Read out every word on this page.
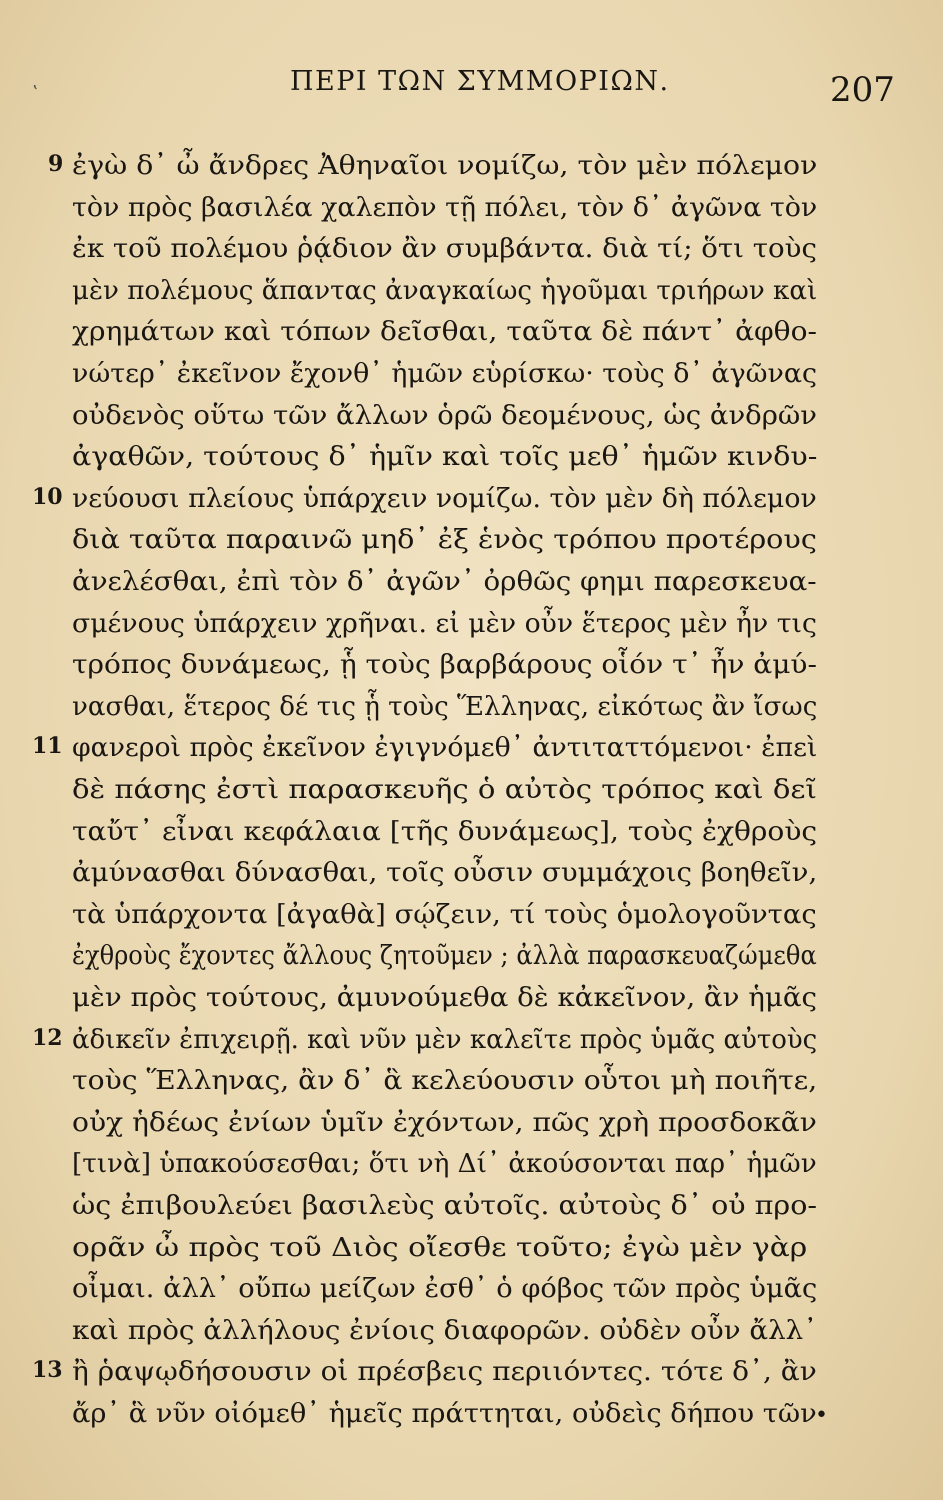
ʽ	ΠΕΡΙ ΤΩΝ ΣΥΜΜΟΡΙΩΝ.	207
9 ἐγὼ δ᾽ ὦ ἄνδρες Ἀθηναῖοι νομίζω, τὸν μὲν πόλεμον
τὸν πρὸς βασιλέα χαλεπὸν τῇ πόλει, τὸν δ᾽ ἀγῶνα τὸν
ἐκ τοῦ πολέμου ῥᾴδιον ἂν συμβάντα. διὰ τί; ὅτι τοὺς
μὲν πολέμους ἅπαντας ἀναγκαίως ἡγοῦμαι τριήρων καὶ
χρημάτων καὶ τόπων δεῖσθαι, ταῦτα δὲ πάντ᾽ ἀφθο-
νώτερ᾽ ἐκεῖνον ἔχονθ᾽ ἡμῶν εὑρίσκω· τοὺς δ᾽ ἀγῶνας
οὐδενὸς οὕτω τῶν ἄλλων ὁρῶ δεομένους, ὡς ἀνδρῶν
ἀγαθῶν, τούτους δ᾽ ἡμῖν καὶ τοῖς μεθ᾽ ἡμῶν κινδυ-
10 νεύουσι πλείους ὑπάρχειν νομίζω. τὸν μὲν δὴ πόλεμον
διὰ ταῦτα παραινῶ μηδ᾽ ἐξ ἑνὸς τρόπου προτέρους
ἀνελέσθαι, ἐπὶ τὸν δ᾽ ἀγῶν᾽ ὀρθῶς φημι παρεσκευα-
σμένους ὑπάρχειν χρῆναι. εἰ μὲν οὖν ἕτερος μὲν ἦν τις
τρόπος δυνάμεως, ᾗ τοὺς βαρβάρους οἷόν τ᾽ ἦν ἀμύ-
νασθαι, ἕτερος δέ τις ᾗ τοὺς Ἕλληνας, εἰκότως ἂν ἴσως
11 φανεροὶ πρὸς ἐκεῖνον ἐγιγνόμεθ᾽ ἀντιταττόμενοι· ἐπεὶ
δὲ πάσης ἐστὶ παρασκευῆς ὁ αὐτὸς τρόπος καὶ δεῖ
ταὔτ᾽ εἶναι κεφάλαια [τῆς δυνάμεως], τοὺς ἐχθροὺς
ἀμύνασθαι δύνασθαι, τοῖς οὖσιν συμμάχοις βοηθεῖν,
τὰ ὑπάρχοντα [ἀγαθὰ] σῴζειν, τί τοὺς ὁμολογοῦντας
ἐχθροὺς ἔχοντες ἄλλους ζητοῦμεν ; ἀλλὰ παρασκευαζώμεθα
μὲν πρὸς τούτους, ἀμυνούμεθα δὲ κἀκεῖνον, ἂν ἡμᾶς
12 ἀδικεῖν ἐπιχειρῇ. καὶ νῦν μὲν καλεῖτε πρὸς ὑμᾶς αὐτοὺς
τοὺς Ἕλληνας, ἂν δ᾽ ἃ κελεύουσιν οὗτοι μὴ ποιῆτε,
οὐχ ἡδέως ἐνίων ὑμῖν ἐχόντων, πῶς χρὴ προσδοκᾶν
[τινὰ] ὑπακούσεσθαι; ὅτι νὴ Δί᾽ ἀκούσονται παρ᾽ ἡμῶν
ὡς ἐπιβουλεύει βασιλεὺς αὐτοῖς. αὐτοὺς δ᾽ οὐ προ-
ορᾶν ὦ πρὸς τοῦ Διὸς οἴεσθε τοῦτο; ἐγὼ μὲν γὰρ
οἶμαι. ἀλλ᾽ οὔπω μείζων ἐσθ᾽ ὁ φόβος τῶν πρὸς ὑμᾶς
καὶ πρὸς ἀλλήλους ἐνίοις διαφορῶν. οὐδὲν οὖν ἄλλ᾽
13 ἢ ῥαψῳδήσουσιν οἱ πρέσβεις περιιόντες. τότε δ᾽, ἂν
ἄρ᾽ ἃ νῦν οἰόμεθ᾽ ἡμεῖς πράττηται, οὐδεὶς δήπου τῶν
•
